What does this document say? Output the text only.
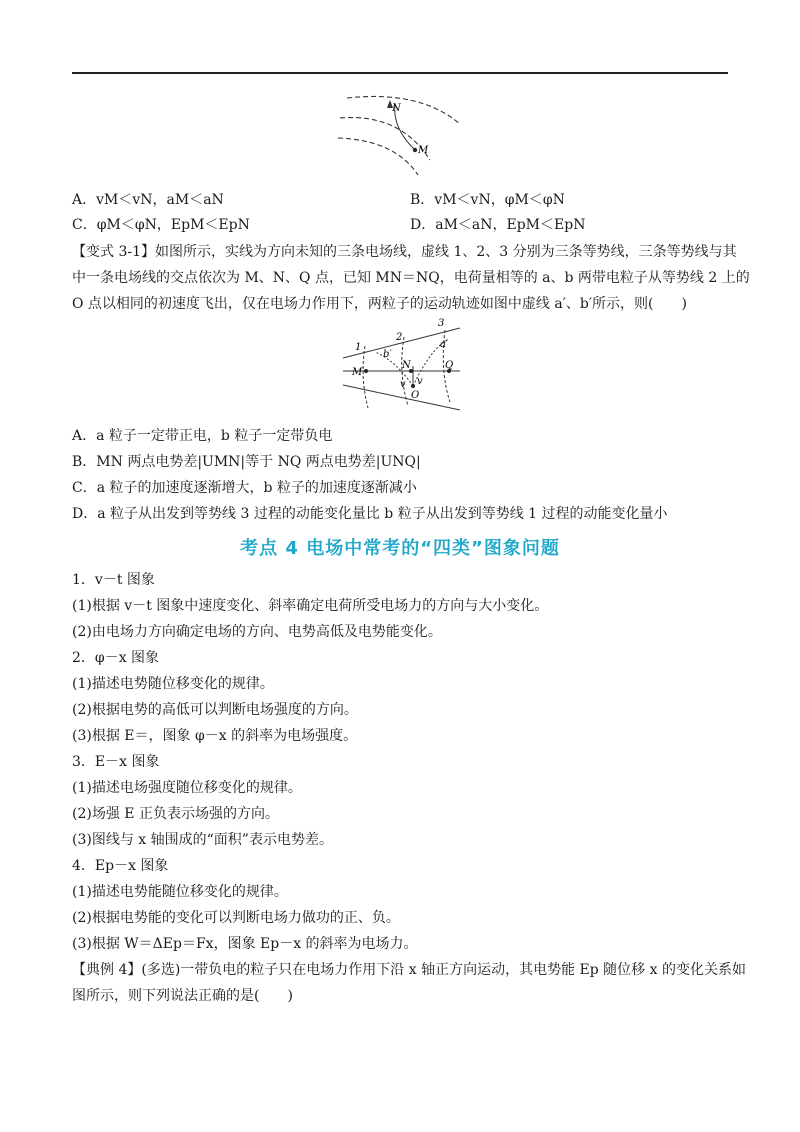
N
M
1
2
3
a′
b′
M
N	Q
O
v v
A．vM＜vN，aM＜aN	B．vM＜vN，φM＜φN
C．φM＜φN，EpM＜EpN	D．aM＜aN，EpM＜EpN
【变式 3-1】如图所示，实线为方向未知的三条电场线，虚线 1、2、3 分别为三条等势线，三条等势线与其
中一条电场线的交点依次为 M、N、Q 点，已知 MN＝NQ，电荷量相等的 a、b 两带电粒子从等势线 2 上的
O 点以相同的初速度飞出，仅在电场力作用下，两粒子的运动轨迹如图中虚线 a′、b′所示，则(　　)
A．a 粒子一定带正电，b 粒子一定带负电
B．MN 两点电势差|UMN|等于 NQ 两点电势差|UNQ|
C．a 粒子的加速度逐渐增大，b 粒子的加速度逐渐减小
D．a 粒子从出发到等势线 3 过程的动能变化量比 b 粒子从出发到等势线 1 过程的动能变化量小
考点 4 电场中常考的“四类”图象问题
1．v－t 图象
(1)根据 v－t 图象中速度变化、斜率确定电荷所受电场力的方向与大小变化。
(2)由电场力方向确定电场的方向、电势高低及电势能变化。
2．φ－x 图象
(1)描述电势随位移变化的规律。
(2)根据电势的高低可以判断电场强度的方向。
(3)根据 E＝，图象 φ－x 的斜率为电场强度。
3．E－x 图象
(1)描述电场强度随位移变化的规律。
(2)场强 E 正负表示场强的方向。
(3)图线与 x 轴围成的“面积”表示电势差。
4．Ep－x 图象
(1)描述电势能随位移变化的规律。
(2)根据电势能的变化可以判断电场力做功的正、负。
(3)根据 W＝ΔEp＝Fx，图象 Ep－x 的斜率为电场力。
【典例 4】(多选)一带负电的粒子只在电场力作用下沿 x 轴正方向运动，其电势能 Ep 随位移 x 的变化关系如
图所示，则下列说法正确的是(　　)
